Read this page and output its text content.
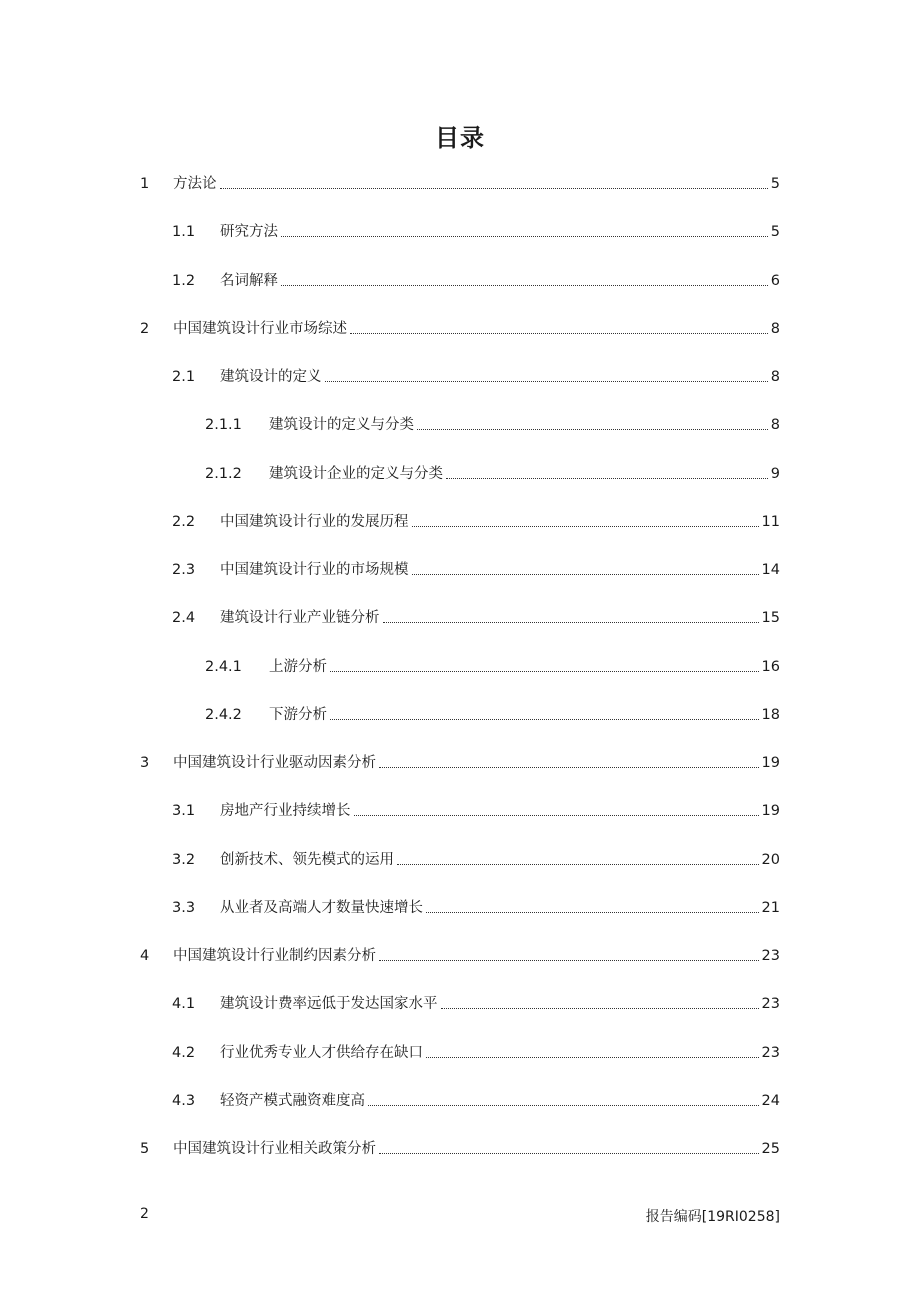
目录
1	方法论	5
1.1	研究方法	5
1.2	名词解释	6
2	中国建筑设计行业市场综述	8
2.1	建筑设计的定义	8
2.1.1	建筑设计的定义与分类	8
2.1.2	建筑设计企业的定义与分类	9
2.2	中国建筑设计行业的发展历程	11
2.3	中国建筑设计行业的市场规模	14
2.4	建筑设计行业产业链分析	15
2.4.1	上游分析	16
2.4.2	下游分析	18
3	中国建筑设计行业驱动因素分析	19
3.1	房地产行业持续增长	19
3.2	创新技术、领先模式的运用	20
3.3	从业者及高端人才数量快速增长	21
4	中国建筑设计行业制约因素分析	23
4.1	建筑设计费率远低于发达国家水平	23
4.2	行业优秀专业人才供给存在缺口	23
4.3	轻资产模式融资难度高	24
5	中国建筑设计行业相关政策分析	25
2	报告编码[19RI0258]
